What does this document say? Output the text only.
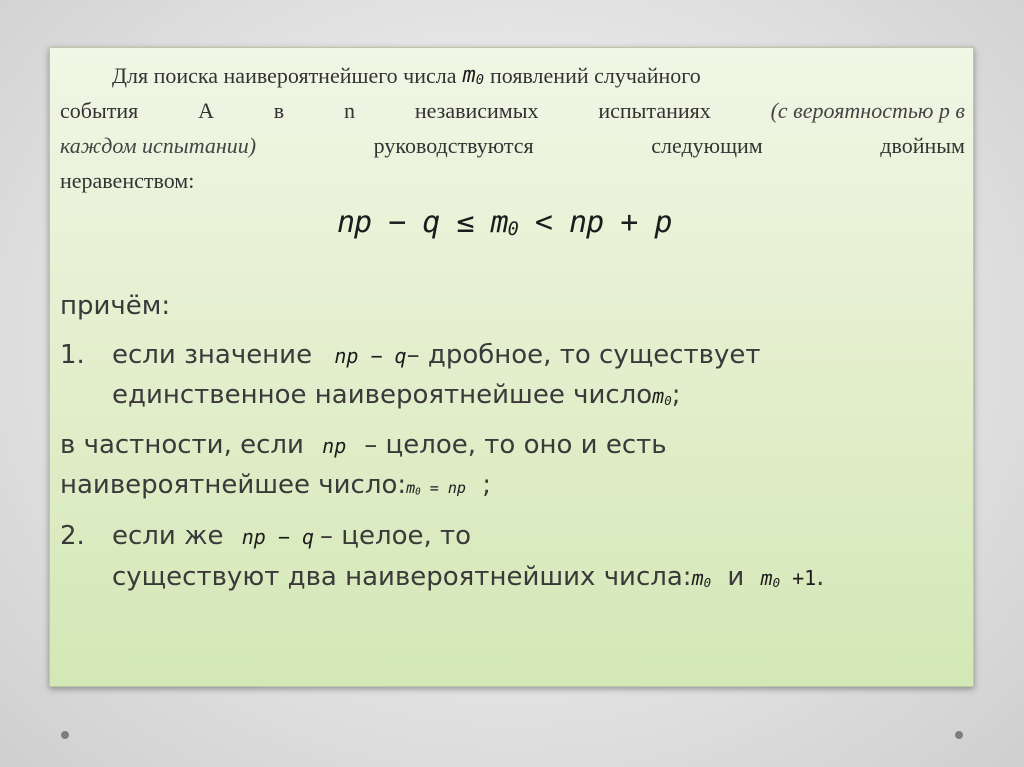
Для поиска наивероятнейшего числа $m_0$ появлений случайного
события	А	в	n	независимых	испытаниях	(с вероятностью p в
каждом испытании)	руководствуются	следующим	двойным
неравенством:
np − $q \le m_0$ < np + p
причём:
1. если значение np − q– дробное, то существует
единственное наивероятнейшее числоm$_0$;
в частности, если np – целое, то оно и есть
наивероятнейшее $число:m_0$ = np ;
2. если же np − q – целое, то
существуют два наивероятнейших $числа:m_0$ и $m_0 +1$.
